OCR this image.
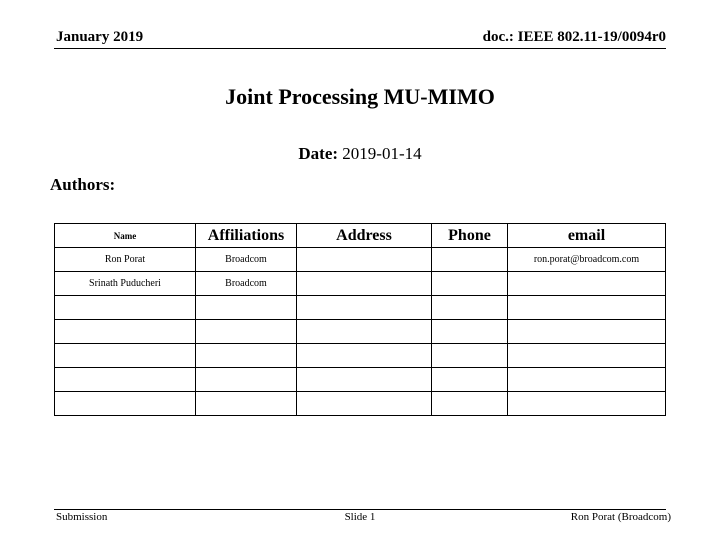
January 2019	doc.: IEEE 802.11-19/0094r0
Joint Processing MU-MIMO
Date: 2019-01-14
Authors:
Name	Affiliations	Address	Phone	email
Ron Porat	Broadcom			ron.porat@broadcom.com
Srinath Puducheri	Broadcom			

Submission	Slide 1	Ron Porat (Broadcom)
